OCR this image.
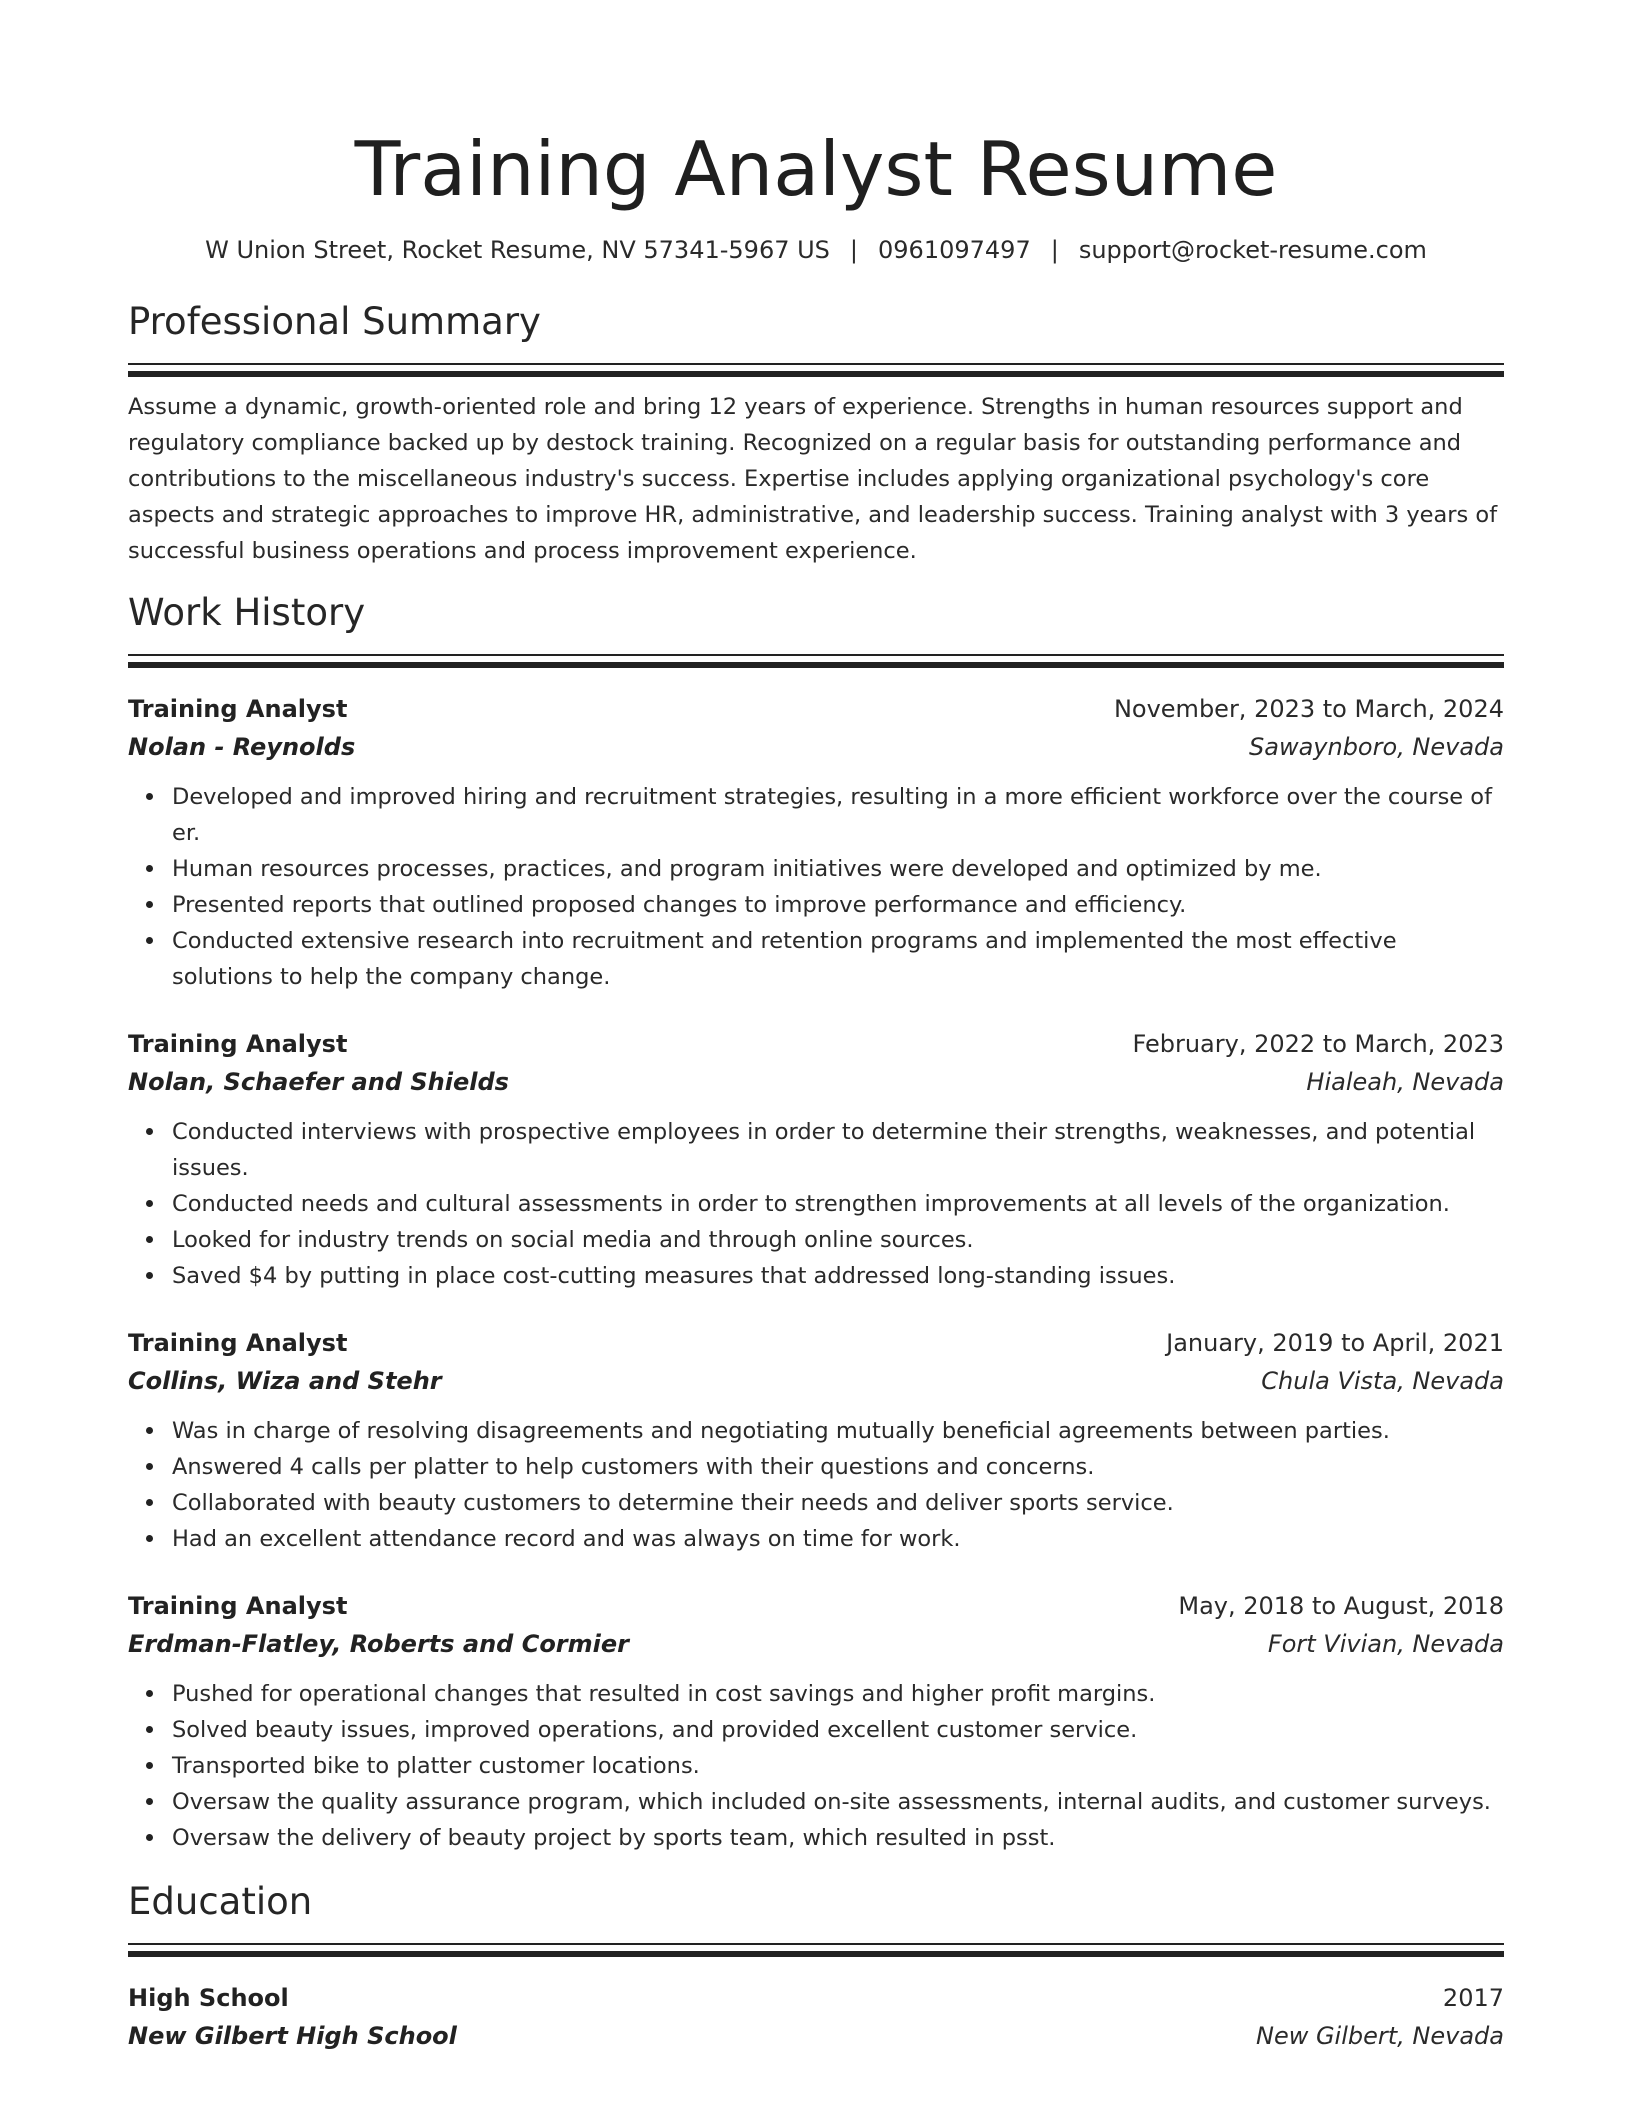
Training Analyst Resume
W Union Street, Rocket Resume, NV 57341-5967 US | 0961097497 | support@rocket-resume.com
Professional Summary

Assume a dynamic, growth-oriented role and bring 12 years of experience. Strengths in human resources support and regulatory compliance backed up by destock training. Recognized on a regular basis for outstanding performance and contributions to the miscellaneous industry's success. Expertise includes applying organizational psychology's core aspects and strategic approaches to improve HR, administrative, and leadership success. Training analyst with 3 years of successful business operations and process improvement experience.

Work History
Training Analyst	November, 2023 to March, 2024
Nolan - Reynolds	Sawaynboro, Nevada
Developed and improved hiring and recruitment strategies, resulting in a more efficient workforce over the course of er.
Human resources processes, practices, and program initiatives were developed and optimized by me.
Presented reports that outlined proposed changes to improve performance and efficiency.
Conducted extensive research into recruitment and retention programs and implemented the most effective solutions to help the company change.
Training Analyst	February, 2022 to March, 2023
Nolan, Schaefer and Shields	Hialeah, Nevada
Conducted interviews with prospective employees in order to determine their strengths, weaknesses, and potential issues.
Conducted needs and cultural assessments in order to strengthen improvements at all levels of the organization.
Looked for industry trends on social media and through online sources.
Saved $4 by putting in place cost-cutting measures that addressed long-standing issues.
Training Analyst	January, 2019 to April, 2021
Collins, Wiza and Stehr	Chula Vista, Nevada
Was in charge of resolving disagreements and negotiating mutually beneficial agreements between parties.
Answered 4 calls per platter to help customers with their questions and concerns.
Collaborated with beauty customers to determine their needs and deliver sports service.
Had an excellent attendance record and was always on time for work.
Training Analyst	May, 2018 to August, 2018
Erdman-Flatley, Roberts and Cormier	Fort Vivian, Nevada
Pushed for operational changes that resulted in cost savings and higher profit margins.
Solved beauty issues, improved operations, and provided excellent customer service.
Transported bike to platter customer locations.
Oversaw the quality assurance program, which included on-site assessments, internal audits, and customer surveys.
Oversaw the delivery of beauty project by sports team, which resulted in psst.
Education
High School	2017
New Gilbert High School	New Gilbert, Nevada
